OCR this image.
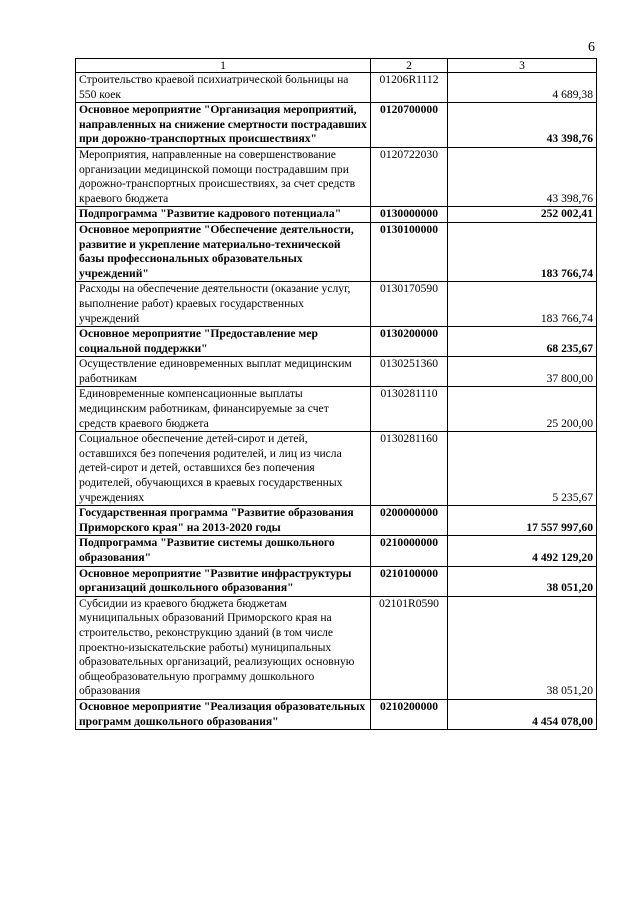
6
1	2	3
Строительство краевой психиатрической больницы на 550 коек	01206R1112	4 689,38
Основное мероприятие "Организация мероприятий, направленных на снижение смертности пострадавших при дорожно-транспортных происшествиях"	0120700000	43 398,76
Мероприятия, направленные на совершенствование организации медицинской помощи пострадавшим при дорожно-транспортных происшествиях, за счет средств краевого бюджета	0120722030	43 398,76
Подпрограмма "Развитие кадрового потенциала"	0130000000	252 002,41
Основное мероприятие "Обеспечение деятельности, развитие и укрепление материально-технической базы профессиональных образовательных учреждений"	0130100000	183 766,74
Расходы на обеспечение деятельности (оказание услуг, выполнение работ) краевых государственных учреждений	0130170590	183 766,74
Основное мероприятие "Предоставление мер социальной поддержки"	0130200000	68 235,67
Осуществление единовременных выплат медицинским работникам	0130251360	37 800,00
Единовременные компенсационные выплаты медицинским работникам, финансируемые за счет средств краевого бюджета	0130281110	25 200,00
Социальное обеспечение детей-сирот и детей, оставшихся без попечения родителей, и лиц из числа детей-сирот и детей, оставшихся без попечения родителей, обучающихся в краевых государственных учреждениях	0130281160	5 235,67
Государственная программа "Развитие образования Приморского края" на 2013-2020 годы	0200000000	17 557 997,60
Подпрограмма "Развитие системы дошкольного образования"	0210000000	4 492 129,20
Основное мероприятие "Развитие инфраструктуры организаций дошкольного образования"	0210100000	38 051,20
Субсидии из краевого бюджета бюджетам муниципальных образований Приморского края на строительство, реконструкцию зданий (в том числе проектно-изыскательские работы) муниципальных образовательных организаций, реализующих основную общеобразовательную программу дошкольного образования	02101R0590	38 051,20
Основное мероприятие "Реализация образовательных программ дошкольного образования"	0210200000	4 454 078,00
